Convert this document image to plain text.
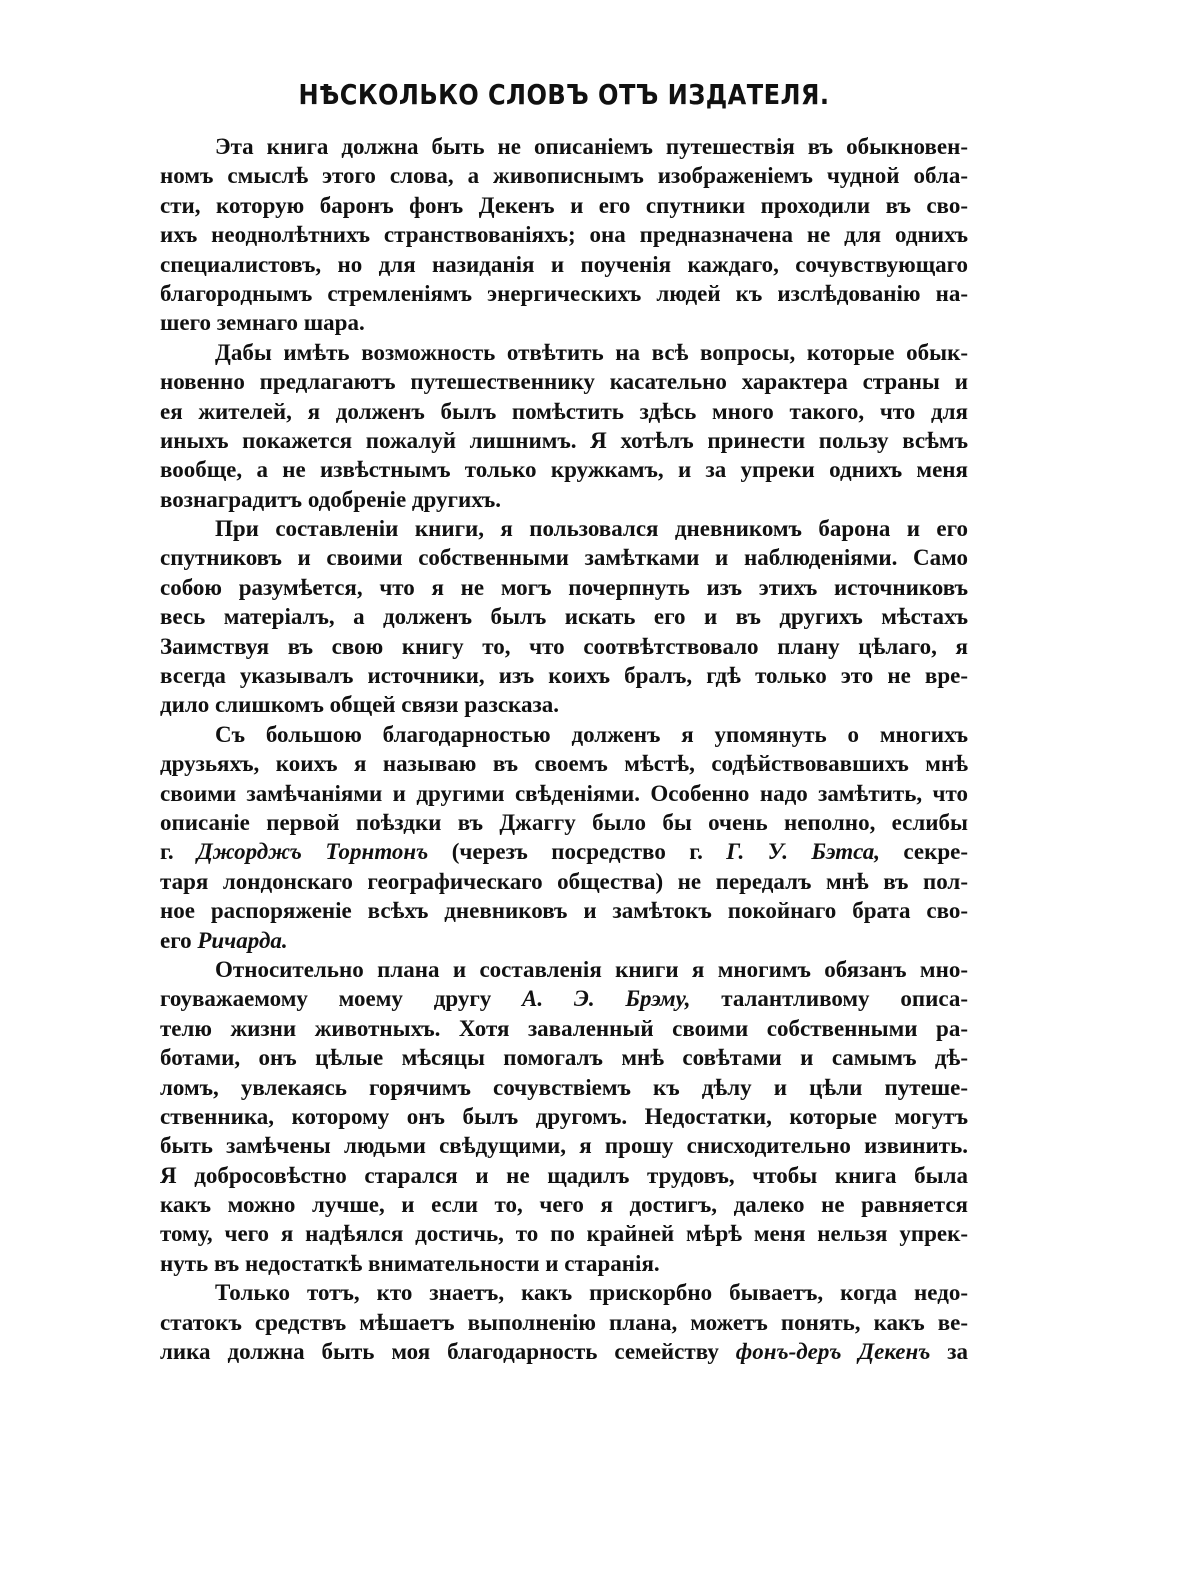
НѢСКОЛЬКО СЛОВЪ ОТЪ ИЗДАТЕЛЯ.
Эта книга должна быть не описанiемъ путешествiя въ обыкновен-
номъ смыслѣ этого слова, а живописнымъ изображенiемъ чудной обла-
сти, которую баронъ фонъ Декенъ и его спутники проходили въ сво-
ихъ неоднолѣтнихъ странствованiяхъ; она предназначена не для однихъ
специалистовъ, но для назиданiя и поученiя каждаго, сочувствующаго
благороднымъ стремленiямъ энергическихъ людей къ изслѣдованiю на-
шего земнаго шара.
Дабы имѣть возможность отвѣтить на всѣ вопросы, которые обык-
новенно предлагаютъ путешественнику касательно характера страны и
ея жителей, я долженъ былъ помѣстить здѣсь много такого, что для
иныхъ покажется пожалуй лишнимъ. Я хотѣлъ принести пользу всѣмъ
вообще, а не извѣстнымъ только кружкамъ, и за упреки однихъ меня
вознаградитъ одобренiе другихъ.
При составленiи книги, я пользовался дневникомъ барона и его
спутниковъ и своими собственными замѣтками и наблюденiями. Само
собою разумѣется, что я не могъ почерпнуть изъ этихъ источниковъ
весь матерiалъ, а долженъ былъ искать его и въ другихъ мѣстахъ
Заимствуя въ свою книгу то, что соотвѣтствовало плану цѣлаго, я
всегда указывалъ источники, изъ коихъ бралъ, гдѣ только это не вре-
дило слишкомъ общей связи разсказа.
Съ большою благодарностью долженъ я упомянуть о многихъ
друзьяхъ, коихъ я называю въ своемъ мѣстѣ, содѣйствовавшихъ мнѣ
своими замѣчанiями и другими свѣденiями. Особенно надо замѣтить, что
описанiе первой поѣздки въ Джаггу было бы очень неполно, еслибы
г. Джорджъ Торнтонъ (черезъ посредство г. Г. У. Бэтса, секре-
таря лондонскаго географическаго общества) не передалъ мнѣ въ пол-
ное распоряженiе всѣхъ дневниковъ и замѣтокъ покойнаго брата сво-
его Ричарда.
Относительно плана и составленiя книги я многимъ обязанъ мно-
гоуважаемому моему другу А. Э. Брэму, талантливому описа-
телю жизни животныхъ. Хотя заваленный своими собственными ра-
ботами, онъ цѣлые мѣсяцы помогалъ мнѣ совѣтами и самымъ дѣ-
ломъ, увлекаясь горячимъ сочувствiемъ къ дѣлу и цѣли путеше-
ственника, которому онъ былъ другомъ. Недостатки, которые могутъ
быть замѣчены людьми свѣдущими, я прошу снисходительно извинить.
Я добросовѣстно старался и не щадилъ трудовъ, чтобы книга была
какъ можно лучше, и если то, чего я достигъ, далеко не равняется
тому, чего я надѣялся достичь, то по крайней мѣрѣ меня нельзя упрек-
нуть въ недостаткѣ внимательности и старанiя.
Только тотъ, кто знаетъ, какъ прискорбно бываетъ, когда недо-
статокъ средствъ мѣшаетъ выполненiю плана, можетъ понять, какъ ве-
лика должна быть моя благодарность семейству фонъ-деръ Декенъ за
